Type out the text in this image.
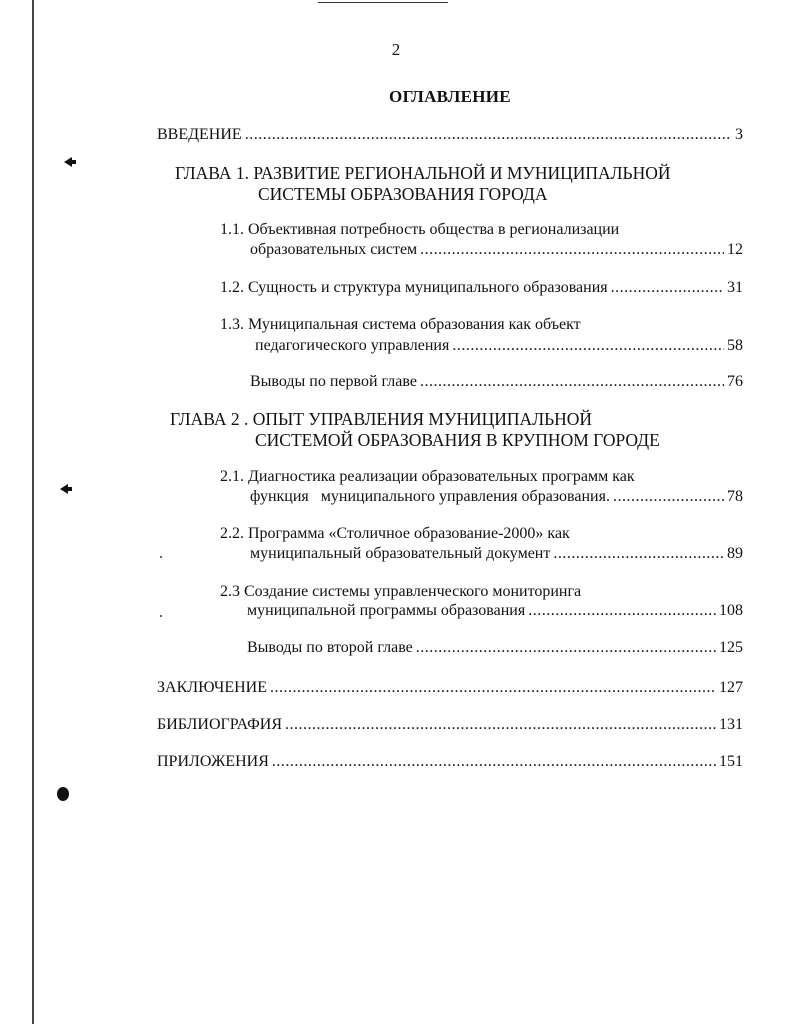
2
ОГЛАВЛЕНИЕ
ВВЕДЕНИЕ .....	3
ГЛАВА 1. РАЗВИТИЕ РЕГИОНАЛЬНОЙ И МУНИЦИПАЛЬНОЙ
СИСТЕМЫ ОБРАЗОВАНИЯ ГОРОДА
1.1. Объективная потребность общества в регионализации
образовательных систем .....	12
1.2. Сущность и структура муниципального образования .....	31
1.3. Муниципальная система образования как объект
педагогического управления .....	58
Выводы по первой главе .....	76
ГЛАВА 2 . ОПЫТ УПРАВЛЕНИЯ МУНИЦИПАЛЬНОЙ
СИСТЕМОЙ ОБРАЗОВАНИЯ В КРУПНОМ ГОРОДЕ
2.1. Диагностика реализации образовательных программ как
функция   муниципального управления образования. .....	78
2.2. Программа «Столичное образование-2000» как
муниципальный образовательный документ .....	89
2.3 Создание системы управленческого мониторинга
муниципальной программы образования .....	108
Выводы по второй главе .....	125
ЗАКЛЮЧЕНИЕ .....	127
БИБЛИОГРАФИЯ .....	131
ПРИЛОЖЕНИЯ .....	151
